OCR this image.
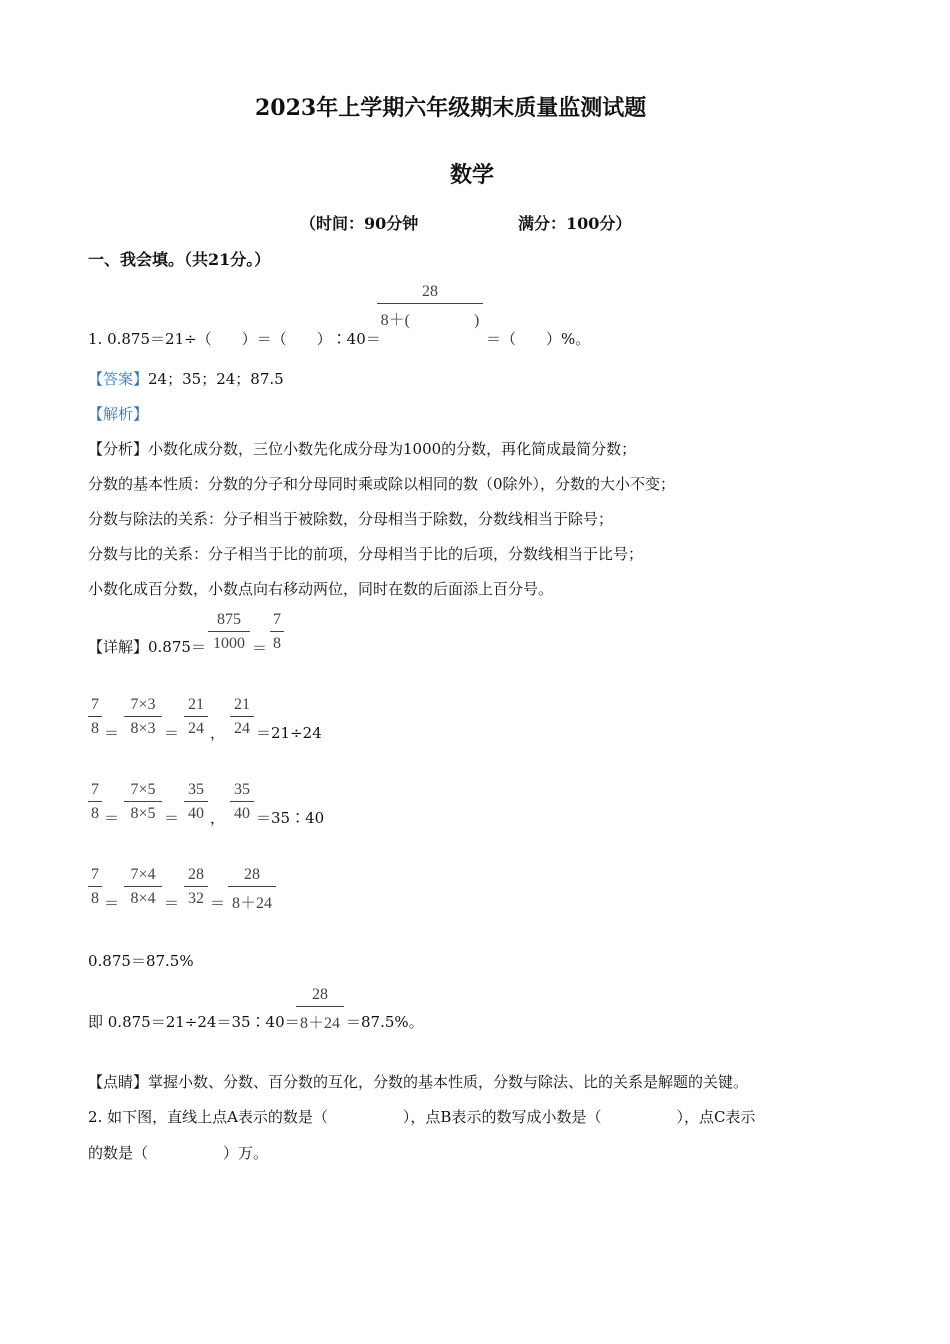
2023年上学期六年级期末质量监测试题
数学
（时间：90分钟	满分：100分）
一、我会填。（共21分。）
1. 0.875＝21÷（　　）＝（　　）∶40＝
28
8＋(　　　　)
＝（　　）%。
【答案】24；35；24；87.5
【解析】
【分析】小数化成分数，三位小数先化成分母为1000的分数，再化简成最简分数；
分数的基本性质：分数的分子和分母同时乘或除以相同的数（0除外），分数的大小不变；
分数与除法的关系：分子相当于被除数，分母相当于除数，分数线相当于除号；
分数与比的关系：分子相当于比的前项，分母相当于比的后项，分数线相当于比号；
小数化成百分数，小数点向右移动两位，同时在数的后面添上百分号。
【详解】0.875＝
875
1000 ＝
7
8
7
8 ＝
7×3
8×3 ＝
21
24 ，
21
24 ＝21÷24
7
8 ＝
7×5
8×5 ＝
35
40 ，
35
40 ＝35∶40
7
8 ＝
7×4
8×4 ＝
28
32 ＝
28
8＋24
0.875＝87.5%
即 0.875＝21÷24＝35∶40＝
28
8＋24 ＝87.5%。
【点睛】掌握小数、分数、百分数的互化，分数的基本性质，分数与除法、比的关系是解题的关键。
2. 如下图，直线上点A表示的数是（　　　　　），点B表示的数写成小数是（　　　　　），点C表示
的数是（　　　　　）万。
